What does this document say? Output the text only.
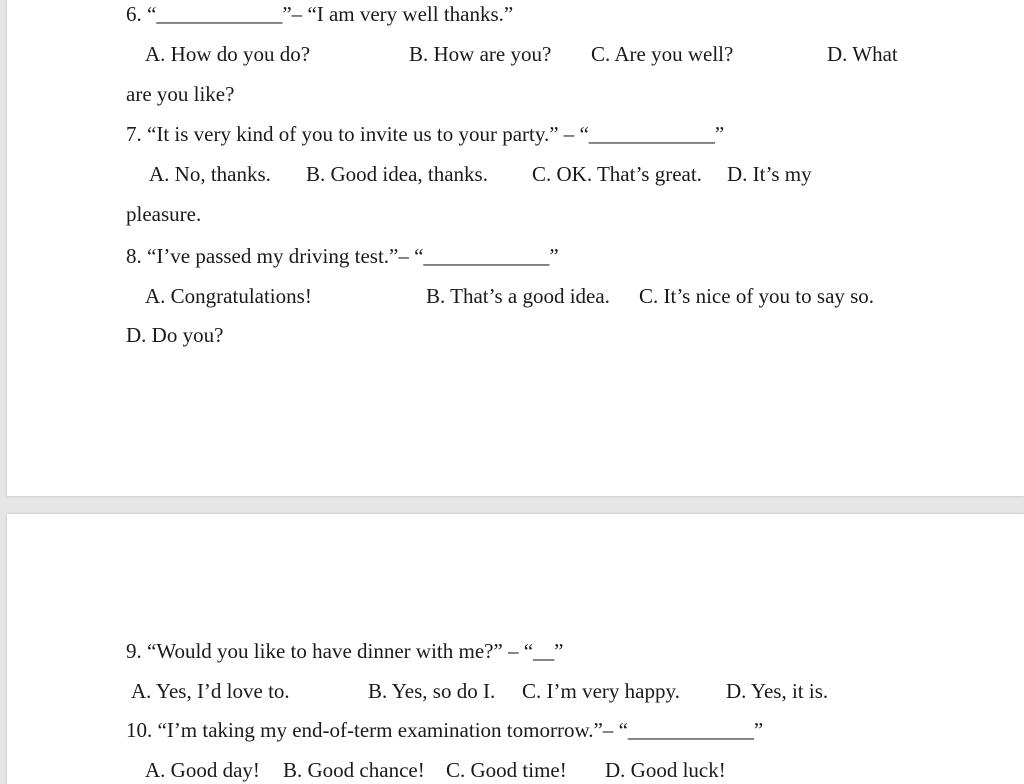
6. “____________”– “I am very well thanks.”
A. How do you do?	B. How are you? C. Are you well?	D. What
are you like?
7. “It is very kind of you to invite us to your party.” – “____________”
A. No, thanks. B. Good idea, thanks. C. OK. That’s great. D. It’s my
pleasure.
8. “I’ve passed my driving test.”– “____________”
A. Congratulations!	B. That’s a good idea. C. It’s nice of you to say so.
D. Do you?
9. “Would you like to have dinner with me?” – “__”
A. Yes, I’d love to.	B. Yes, so do I. C. I’m very happy. D. Yes, it is.
10. “I’m taking my end-of-term examination tomorrow.”– “____________”
A. Good day! B. Good chance! C. Good time! D. Good luck!
